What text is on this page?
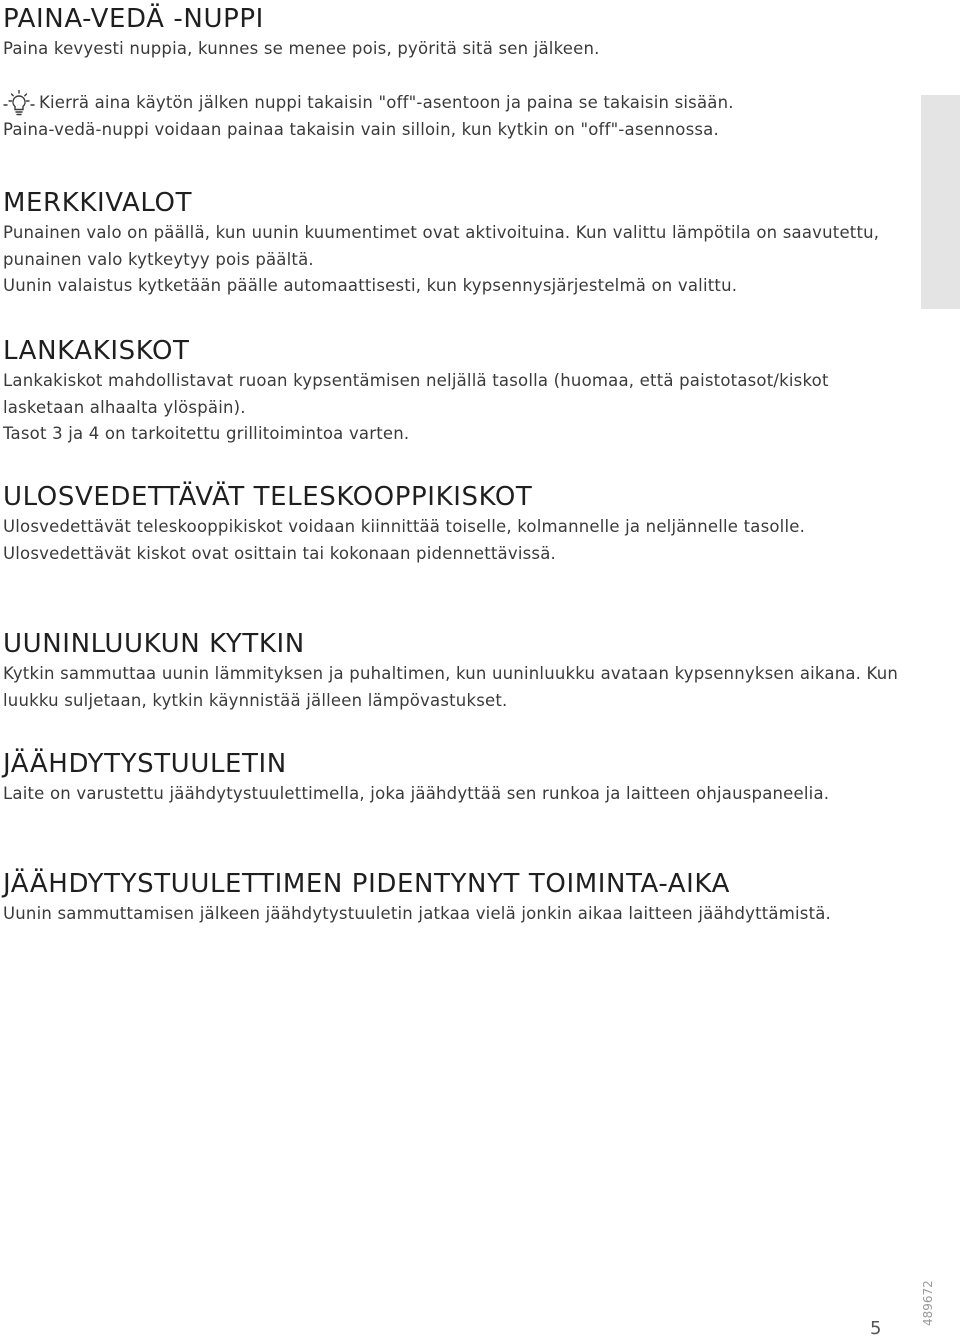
PAINA-VEDÄ -NUPPI

Paina kevyesti nuppia, kunnes se menee pois, pyöritä sitä sen jälkeen.

Kierrä aina käytön jälken nuppi takaisin "off"-asentoon ja paina se takaisin sisään.

Paina-vedä-nuppi voidaan painaa takaisin vain silloin, kun kytkin on "off"-asennossa.

MERKKIVALOT

Punainen valo on päällä, kun uunin kuumentimet ovat aktivoituina. Kun valittu lämpötila on saavutettu, punainen valo kytkeytyy pois päältä.

Uunin valaistus kytketään päälle automaattisesti, kun kypsennysjärjestelmä on valittu.

LANKAKISKOT

Lankakiskot mahdollistavat ruoan kypsentämisen neljällä tasolla (huomaa, että paistotasot/kiskot lasketaan alhaalta ylöspäin).

Tasot 3 ja 4 on tarkoitettu grillitoimintoa varten.

ULOSVEDETTÄVÄT TELESKOOPPIKISKOT

Ulosvedettävät teleskooppikiskot voidaan kiinnittää toiselle, kolmannelle ja neljännelle tasolle.

Ulosvedettävät kiskot ovat osittain tai kokonaan pidennettävissä.

UUNINLUUKUN KYTKIN

Kytkin sammuttaa uunin lämmityksen ja puhaltimen, kun uuninluukku avataan kypsennyksen aikana. Kun luukku suljetaan, kytkin käynnistää jälleen lämpövastukset.

JÄÄHDYTYSTUULETIN

Laite on varustettu jäähdytystuulettimella, joka jäähdyttää sen runkoa ja laitteen ohjauspaneelia.

JÄÄHDYTYSTUULETTIMEN PIDENTYNYT TOIMINTA-AIKA

Uunin sammuttamisen jälkeen jäähdytystuuletin jatkaa vielä jonkin aikaa laitteen jäähdyttämistä.

5
489672
